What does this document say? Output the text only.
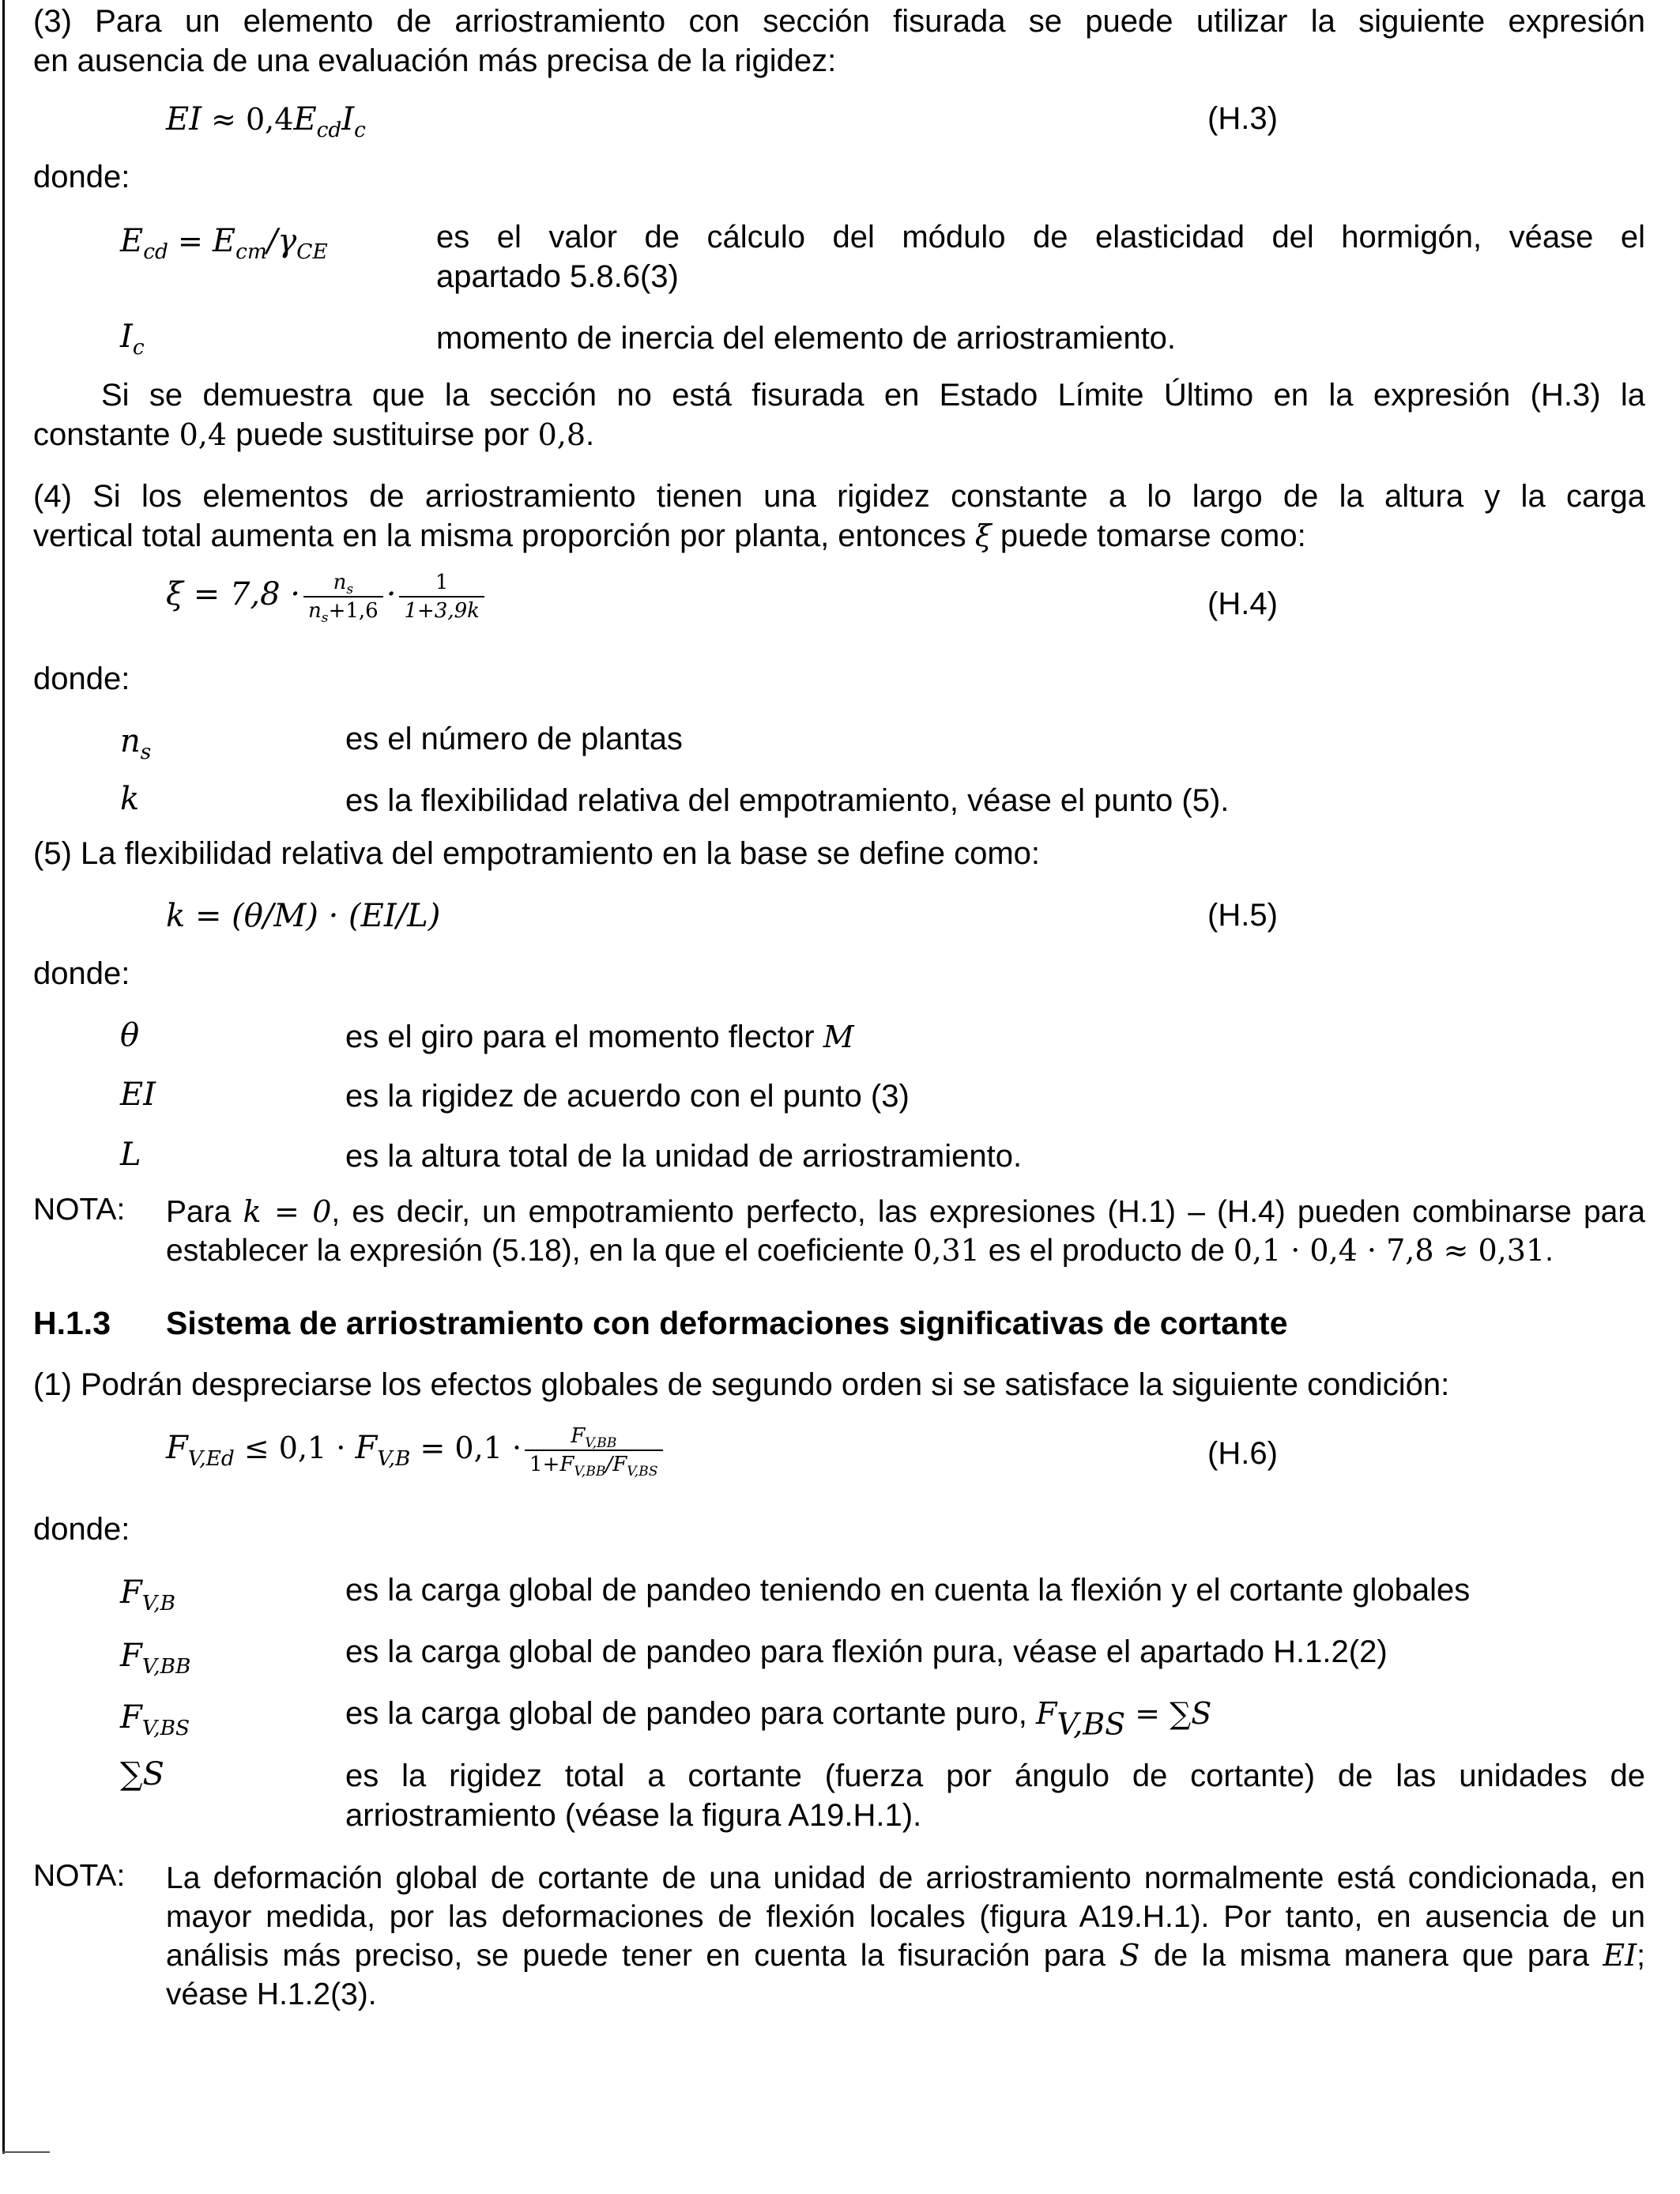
(3) Para un elemento de arriostramiento con sección fisurada se puede utilizar la siguiente expresión
en ausencia de una evaluación más precisa de la rigidez:
EI ≈ $0,4E_{cd}I_c$	(H.3)
donde:
$E_{cd} = E_{cm}/\gamma_{CE}$	es el valor de cálculo del módulo de elasticidad del hormigón, véase el
apartado 5.8.6(3)
$I_c$	momento de inercia del elemento de arriostramiento.
Si se demuestra que la sección no está fisurada en Estado Límite Último en la expresión (H.3) la
constante 0,4 puede sustituirse por 0,8.
(4) Si los elementos de arriostramiento tienen una rigidez constante a lo largo de la altura y la carga
vertical total aumenta en la misma proporción por planta, entonces ξ puede tomarse como:
$\xi = 7,8 \cdot \frac{n_s}{n_s+1,6} \cdot \frac{1}{1+3,9k}$	(H.4)
donde:
$n_s$	es el número de plantas
k	es la flexibilidad relativa del empotramiento, véase el punto (5).
(5) La flexibilidad relativa del empotramiento en la base se define como:
k = (θ/M) · (EI/L)	(H.5)
donde:
θ	es el giro para el momento flector M
EI	es la rigidez de acuerdo con el punto (3)
L	es la altura total de la unidad de arriostramiento.
NOTA: Para k = 0, es decir, un empotramiento perfecto, las expresiones (H.1) – (H.4) pueden combinarse para
establecer la expresión (5.18), en la que el coeficiente 0,31 es el producto de 0,1 · 0,4 · 7,8 ≈ 0,31.
H.1.3 Sistema de arriostramiento con deformaciones significativas de cortante
(1) Podrán despreciarse los efectos globales de segundo orden si se satisface la siguiente condición:
$F_{V,Ed} \le 0,1 \cdot F_{V,B} = 0,1 \cdot \frac{F_{V,BB}}{1+F_{V,BB}/F_{V,BS}}$	(H.6)
donde:
$F_{V,B}$	es la carga global de pandeo teniendo en cuenta la flexión y el cortante globales
$F_{V,BB}$	es la carga global de pandeo para flexión pura, véase el apartado H.1.2(2)
$F_{V,BS}$	es la carga global de pandeo para cortante puro, $F_{V,BS} = \sum S$
∑S	es la rigidez total a cortante (fuerza por ángulo de cortante) de las unidades de
arriostramiento (véase la figura A19.H.1).
NOTA: La deformación global de cortante de una unidad de arriostramiento normalmente está condicionada, en
mayor medida, por las deformaciones de flexión locales (figura A19.H.1). Por tanto, en ausencia de un
análisis más preciso, se puede tener en cuenta la fisuración para S de la misma manera que para EI;
véase H.1.2(3).
